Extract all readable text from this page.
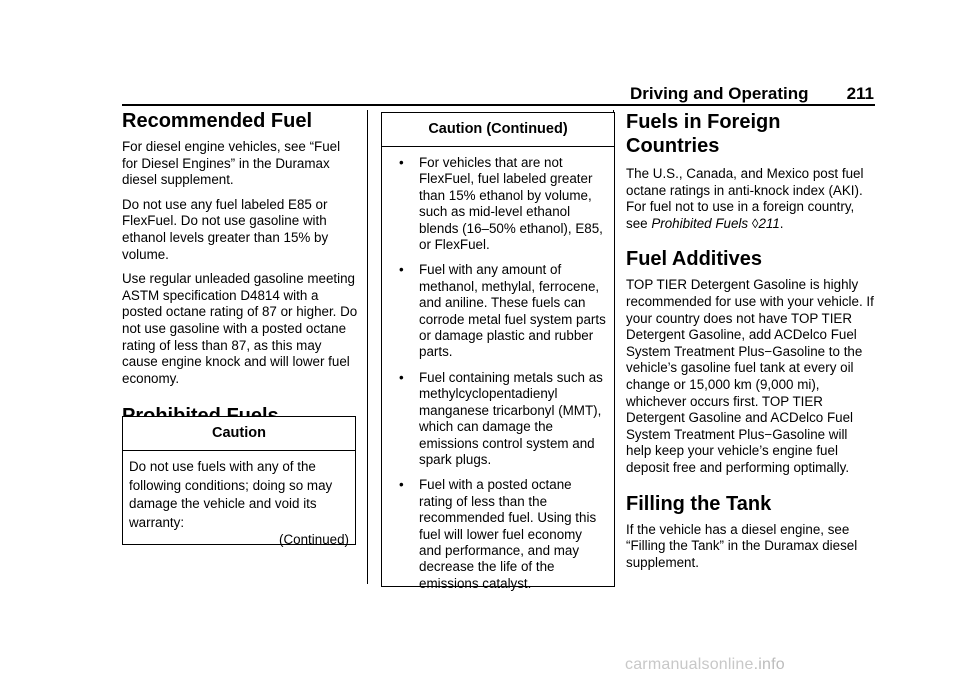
Driving and Operating 211
Recommended Fuel

For diesel engine vehicles, see “Fuel for Diesel Engines” in the Duramax diesel supplement.

Do not use any fuel labeled E85 or FlexFuel. Do not use gasoline with ethanol levels greater than 15% by volume.

Use regular unleaded gasoline meeting ASTM specification D4814 with a posted octane rating of 87 or higher. Do not use gasoline with a posted octane rating of less than 87, as this may cause engine knock and will lower fuel economy.

Caution

Do not use fuels with any of the following conditions; doing so may damage the vehicle and void its warranty:

(Continued)
Caution (Continued)
• For vehicles that are not FlexFuel, fuel labeled greater than 15% ethanol by volume, such as mid-level ethanol blends (16–50% ethanol), E85, or FlexFuel.
• Fuel with any amount of methanol, methylal, ferrocene, and aniline. These fuels can corrode metal fuel system parts or damage plastic and rubber parts.
• Fuel containing metals such as methylcyclopentadienyl manganese tricarbonyl (MMT), which can damage the emissions control system and spark plugs.
• Fuel with a posted octane rating of less than the recommended fuel. Using this fuel will lower fuel economy and performance, and may decrease the life of the emissions catalyst.
Fuels in Foreign
Countries

The U.S., Canada, and Mexico post fuel octane ratings in anti-knock index (AKI). For fuel not to use in a foreign country, see Prohibited Fuels ◊211.

Fuel Additives

TOP TIER Detergent Gasoline is highly recommended for use with your vehicle. If your country does not have TOP TIER Detergent Gasoline, add ACDelco Fuel System Treatment Plus−Gasoline to the vehicle’s gasoline fuel tank at every oil change or 15,000 km (9,000 mi), whichever occurs first. TOP TIER Detergent Gasoline and ACDelco Fuel System Treatment Plus−Gasoline will help keep your vehicle’s engine fuel deposit free and performing optimally.

Filling the Tank

If the vehicle has a diesel engine, see “Filling the Tank” in the Duramax diesel supplement.

carmanualsonline.info
